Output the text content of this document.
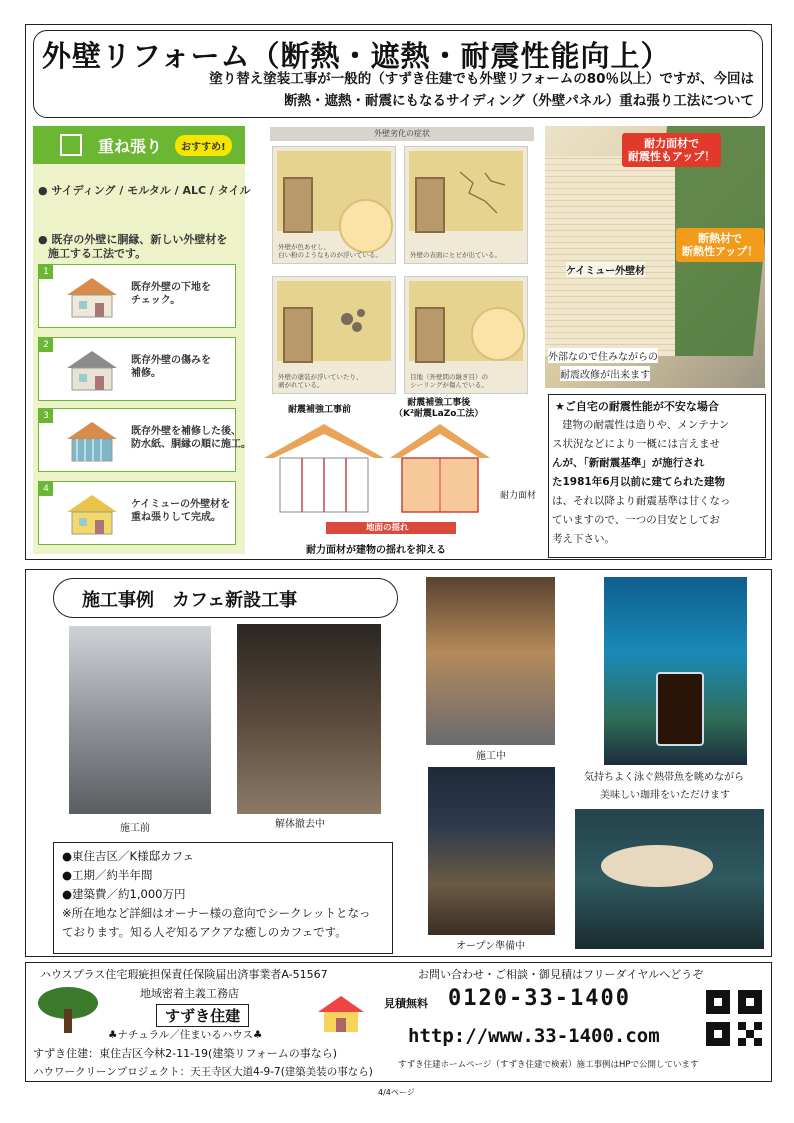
外壁リフォーム（断熱・遮熱・耐震性能向上）
塗り替え塗装工事が一般的（すずき住建でも外壁リフォームの80％以上）ですが、今回は
断熱・遮熱・耐震にもなるサイディング（外壁パネル）重ね張り工法について
重ね張り	おすすめ!
● サイディング / モルタル / ALC / タイル
● 既存の外壁に胴縁、新しい外壁材を
施工する工法です。
1
既存外壁の下地を
チェック。
2
既存外壁の傷みを
補修。
3
既存外壁を補修した後、
防水紙、胴縁の順に施工。
4
ケイミューの外壁材を
重ね張りして完成。
外壁劣化の症状
外壁が色あせし、
白い粉のようなものが浮いている。	外壁の表面にヒビが出ている。
外壁の塗装が浮いていたり、
剥がれている。
目地（外壁間の継ぎ目）の
シーリングが傷んでいる。
耐震補強工事前
耐震補強工事後
（K²耐震LaZo工法）
耐力面材
地面の揺れ
耐力面材が建物の揺れを抑える
耐力面材で
耐震性もアップ！
断熱材で
断熱性アップ！
ケイミュー外壁材
外部なので住みながらの
耐震改修が出来ます
★ご自宅の耐震性能が不安な場合
建物の耐震性は造りや、メンテナン
ス状況などにより一概には言えませ
んが、「新耐震基準」が施行され
た1981年6月以前に建てられた建物
は、それ以降より耐震基準は甘くなっ
ていますので、一つの目安としてお
考え下さい。
施工事例　カフェ新設工事
施工前	解体撤去中
施工中
オープン準備中
気持ちよく泳ぐ熱帯魚を眺めながら
美味しい珈琲をいただけます
●東住吉区／K様邸カフェ
●工期／約半年間
●建築費／約1,000万円
※所在地など詳細はオーナー様の意向でシークレットとなっ
ております。知る人ぞ知るアクアな癒しのカフェです。
ハウスプラス住宅瑕疵担保責任保険届出済事業者A-51567
地域密着主義工務店
すずき住建
♣ナチュラル／住まいるハウス♣
すずき住建：東住吉区今林2-11-19(建築リフォームの事なら)
ハウワークリーンプロジェクト：天王寺区大道4-9-7(建築美装の事なら)
お問い合わせ・ご相談・御見積はフリーダイヤルへどうぞ
見積無料 0120-33-1400
http://www.33-1400.com
すずき住建ホームページ（すずき住建で検索）施工事例はHPで公開しています
4/4ページ
